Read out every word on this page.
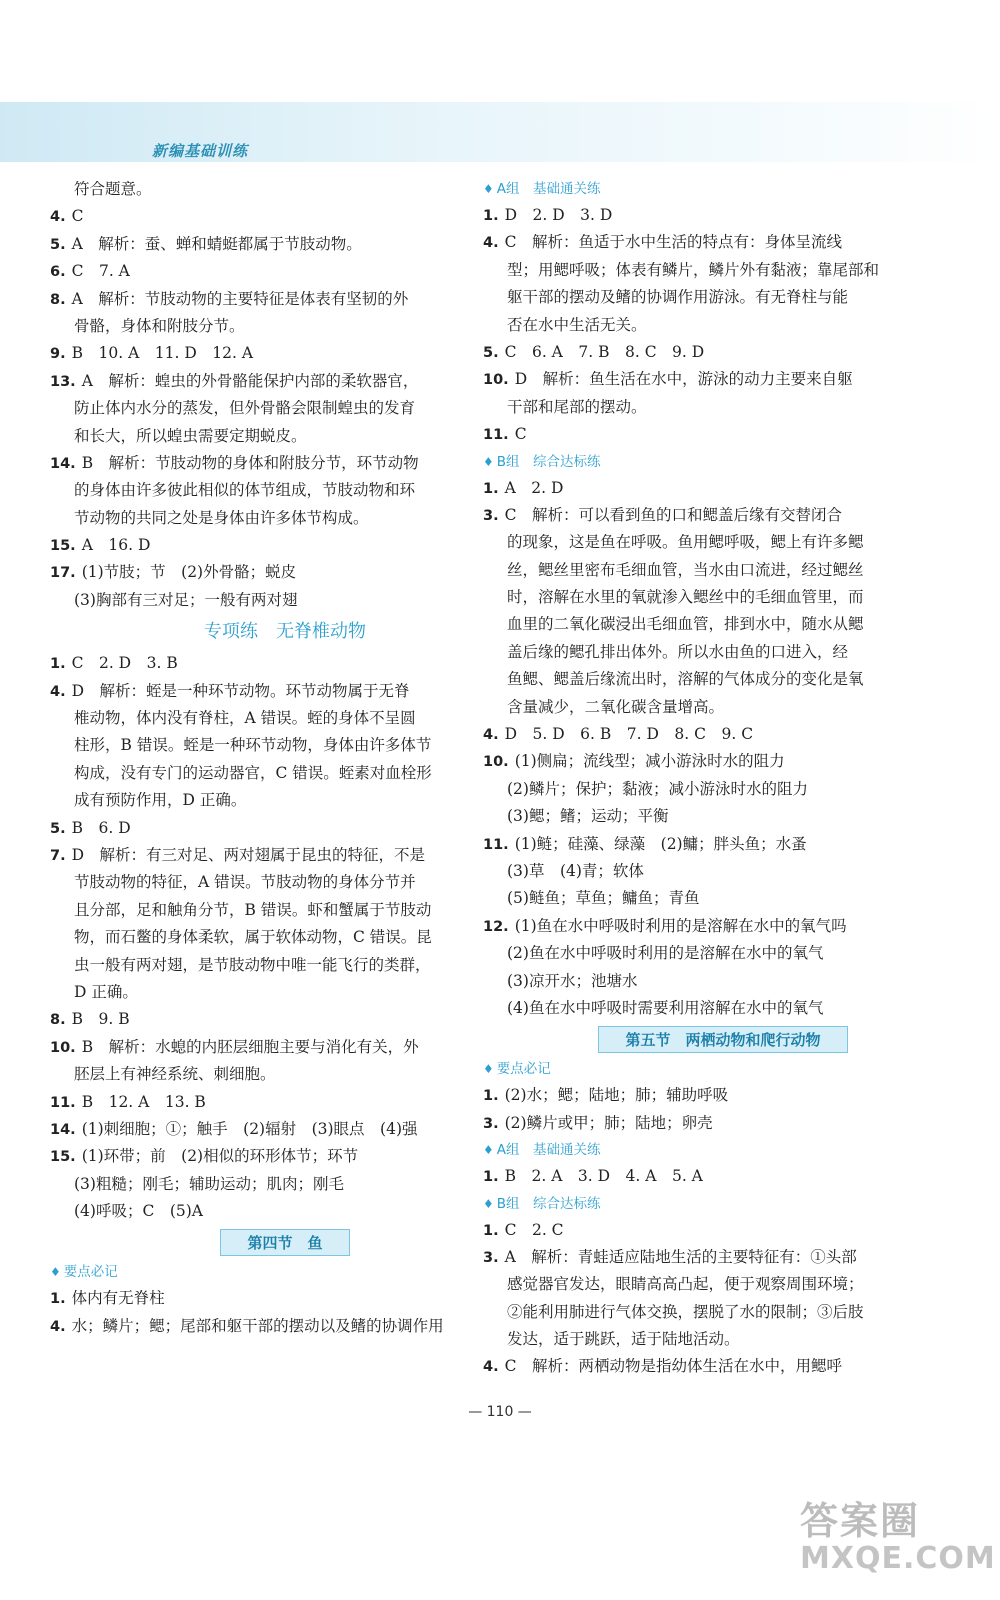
新编基础训练
符合题意。
4. C
5. A　解析：蚕、蝉和蜻蜓都属于节肢动物。
6. C　7. A
8. A　解析：节肢动物的主要特征是体表有坚韧的外
骨骼，身体和附肢分节。
9. B　10. A　11. D　12. A
13. A　解析：蝗虫的外骨骼能保护内部的柔软器官，
防止体内水分的蒸发，但外骨骼会限制蝗虫的发育
和长大，所以蝗虫需要定期蜕皮。
14. B　解析：节肢动物的身体和附肢分节，环节动物
的身体由许多彼此相似的体节组成，节肢动物和环
节动物的共同之处是身体由许多体节构成。
15. A　16. D
17. (1)节肢；节　(2)外骨骼；蜕皮
(3)胸部有三对足；一般有两对翅
专项练　无脊椎动物
1. C　2. D　3. B
4. D　解析：蛭是一种环节动物。环节动物属于无脊
椎动物，体内没有脊柱，A 错误。蛭的身体不呈圆
柱形，B 错误。蛭是一种环节动物，身体由许多体节
构成，没有专门的运动器官，C 错误。蛭素对血栓形
成有预防作用，D 正确。
5. B　6. D
7. D　解析：有三对足、两对翅属于昆虫的特征，不是
节肢动物的特征，A 错误。节肢动物的身体分节并
且分部，足和触角分节，B 错误。虾和蟹属于节肢动
物，而石鳖的身体柔软，属于软体动物，C 错误。昆
虫一般有两对翅，是节肢动物中唯一能飞行的类群，
D 正确。
8. B　9. B
10. B　解析：水螅的内胚层细胞主要与消化有关，外
胚层上有神经系统、刺细胞。
11. B　12. A　13. B
14. (1)刺细胞；①；触手　(2)辐射　(3)眼点　(4)强
15. (1)环带；前　(2)相似的环形体节；环节
(3)粗糙；刚毛；辅助运动；肌肉；刚毛
(4)呼吸；C　(5)A
第四节　鱼
♦ 要点必记
1. 体内有无脊柱
4. 水；鳞片；鳃；尾部和躯干部的摆动以及鳍的协调作用
♦ A组　基础通关练
1. D　2. D　3. D
4. C　解析：鱼适于水中生活的特点有：身体呈流线
型；用鳃呼吸；体表有鳞片，鳞片外有黏液；靠尾部和
躯干部的摆动及鳍的协调作用游泳。有无脊柱与能
否在水中生活无关。
5. C　6. A　7. B　8. C　9. D
10. D　解析：鱼生活在水中，游泳的动力主要来自躯
干部和尾部的摆动。
11. C
♦ B组　综合达标练
1. A　2. D
3. C　解析：可以看到鱼的口和鳃盖后缘有交替闭合
的现象，这是鱼在呼吸。鱼用鳃呼吸，鳃上有许多鳃
丝，鳃丝里密布毛细血管，当水由口流进，经过鳃丝
时，溶解在水里的氧就渗入鳃丝中的毛细血管里，而
血里的二氧化碳浸出毛细血管，排到水中，随水从鳃
盖后缘的鳃孔排出体外。所以水由鱼的口进入，经
鱼鳃、鳃盖后缘流出时，溶解的气体成分的变化是氧
含量减少，二氧化碳含量增高。
4. D　5. D　6. B　7. D　8. C　9. C
10. (1)侧扁；流线型；减小游泳时水的阻力
(2)鳞片；保护；黏液；减小游泳时水的阻力
(3)鳃；鳍；运动；平衡
11. (1)鲢；硅藻、绿藻　(2)鳙；胖头鱼；水蚤
(3)草　(4)青；软体
(5)鲢鱼；草鱼；鳙鱼；青鱼
12. (1)鱼在水中呼吸时利用的是溶解在水中的氧气吗
(2)鱼在水中呼吸时利用的是溶解在水中的氧气
(3)凉开水；池塘水
(4)鱼在水中呼吸时需要利用溶解在水中的氧气
第五节　两栖动物和爬行动物
♦ 要点必记
1. (2)水；鳃；陆地；肺；辅助呼吸
3. (2)鳞片或甲；肺；陆地；卵壳
♦ A组　基础通关练
1. B　2. A　3. D　4. A　5. A
♦ B组　综合达标练
1. C　2. C
3. A　解析：青蛙适应陆地生活的主要特征有：①头部
感觉器官发达，眼睛高高凸起，便于观察周围环境；
②能利用肺进行气体交换，摆脱了水的限制；③后肢
发达，适于跳跃，适于陆地活动。
4. C　解析：两栖动物是指幼体生活在水中，用鳃呼
— 110 —
答案圈
MXQE.COM
